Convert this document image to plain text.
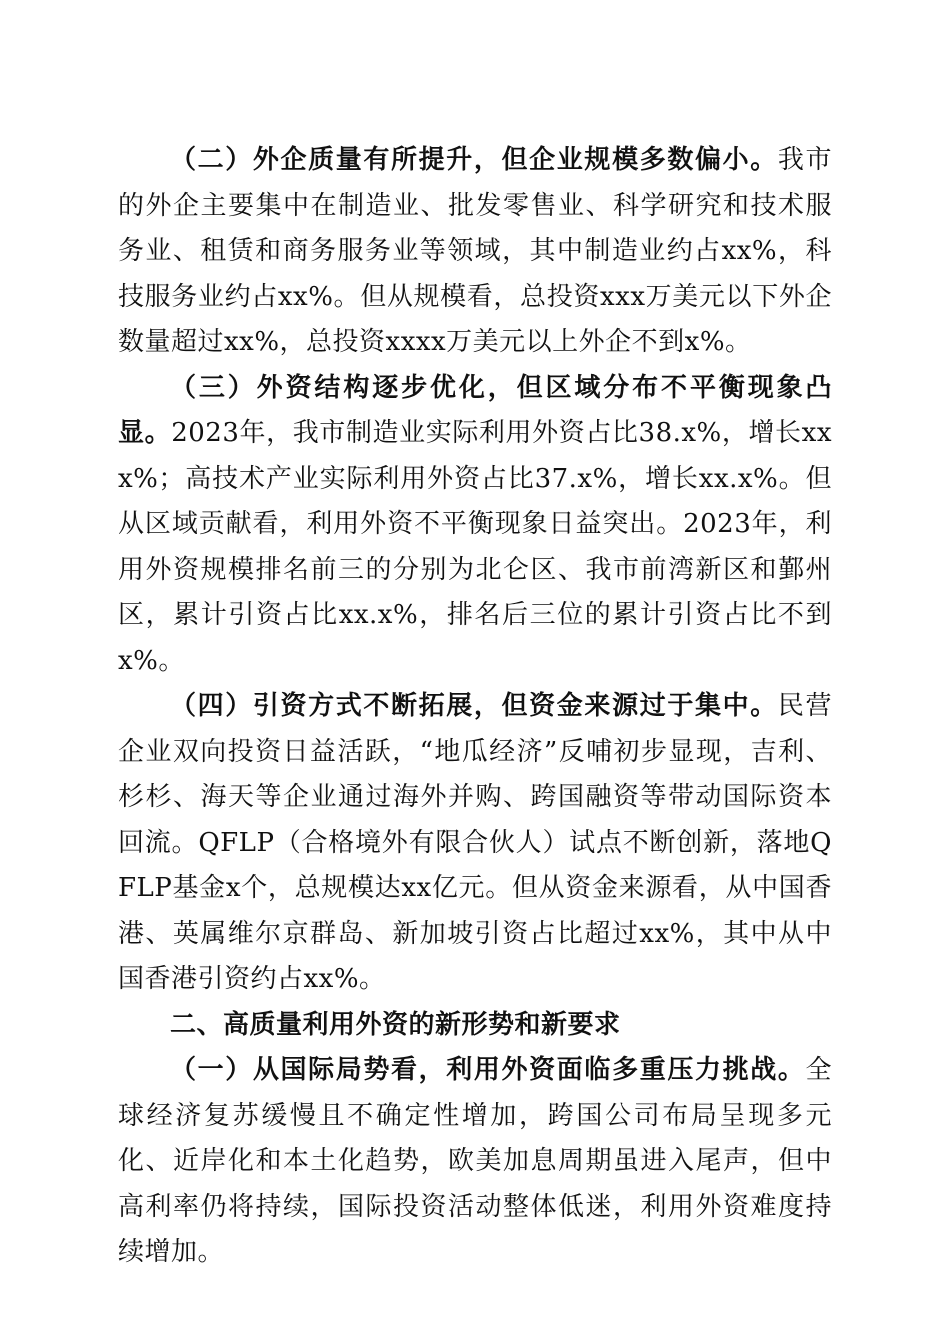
（二）外企质量有所提升，但企业规模多数偏小。我市的外企主要集中在制造业、批发零售业、科学研究和技术服务业、租赁和商务服务业等领域，其中制造业约占xx%，科技服务业约占xx%。但从规模看，总投资xxx万美元以下外企数量超过xx%，总投资xxxx万美元以上外企不到x%。

（三）外资结构逐步优化，但区域分布不平衡现象凸显。2023年，我市制造业实际利用外资占比38.x%，增长xxx%；高技术产业实际利用外资占比37.x%，增长xx.x%。但从区域贡献看，利用外资不平衡现象日益突出。2023年，利用外资规模排名前三的分别为北仑区、我市前湾新区和鄞州区，累计引资占比xx.x%，排名后三位的累计引资占比不到x%。

（四）引资方式不断拓展，但资金来源过于集中。民营企业双向投资日益活跃，“地瓜经济”反哺初步显现，吉利、杉杉、海天等企业通过海外并购、跨国融资等带动国际资本回流。QFLP（合格境外有限合伙人）试点不断创新，落地QFLP基金x个，总规模达xx亿元。但从资金来源看，从中国香港、英属维尔京群岛、新加坡引资占比超过xx%，其中从中国香港引资约占xx%。

二、高质量利用外资的新形势和新要求

（一）从国际局势看，利用外资面临多重压力挑战。全球经济复苏缓慢且不确定性增加，跨国公司布局呈现多元化、近岸化和本土化趋势，欧美加息周期虽进入尾声，但中高利率仍将持续，国际投资活动整体低迷，利用外资难度持续增加。
